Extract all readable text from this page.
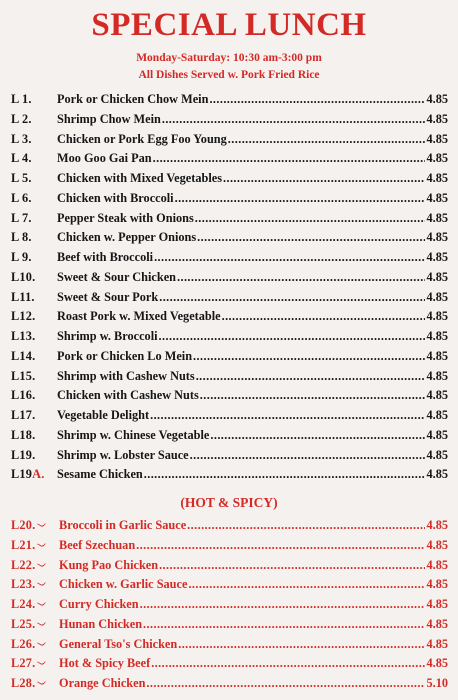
SPECIAL LUNCH
Monday-Saturday: 10:30 am-3:00 pm
All Dishes Served w. Pork Fried Rice
L 1.	Pork or Chicken Chow Mein .....	4.85
L 2.	Shrimp Chow Mein .....	4.85
L 3.	Chicken or Pork Egg Foo Young .....	4.85
L 4.	Moo Goo Gai Pan .....	4.85
L 5.	Chicken with Mixed Vegetables .....	4.85
L 6.	Chicken with Broccoli .....	4.85
L 7.	Pepper Steak with Onions .....	4.85
L 8.	Chicken w. Pepper Onions .....	4.85
L 9.	Beef with Broccoli .....	4.85
L10.	Sweet & Sour Chicken .....	4.85
L11.	Sweet & Sour Pork .....	4.85
L12.	Roast Pork w. Mixed Vegetable .....	4.85
L13.	Shrimp w. Broccoli .....	4.85
L14.	Pork or Chicken Lo Mein .....	4.85
L15.	Shrimp with Cashew Nuts .....	4.85
L16.	Chicken with Cashew Nuts .....	4.85
L17.	Vegetable Delight .....	4.85
L18.	Shrimp w. Chinese Vegetable .....	4.85
L19.	Shrimp w. Lobster Sauce .....	4.85
L19A.	Sesame Chicken .....	4.85
(HOT & SPICY)
L20.	Broccoli in Garlic Sauce .....	4.85
L21.	Beef Szechuan .....	4.85
L22.	Kung Pao Chicken .....	4.85
L23.	Chicken w. Garlic Sauce .....	4.85
L24.	Curry Chicken .....	4.85
L25.	Hunan Chicken .....	4.85
L26.	General Tso's Chicken .....	4.85
L27.	Hot & Spicy Beef .....	4.85
L28.	Orange Chicken .....	5.10
